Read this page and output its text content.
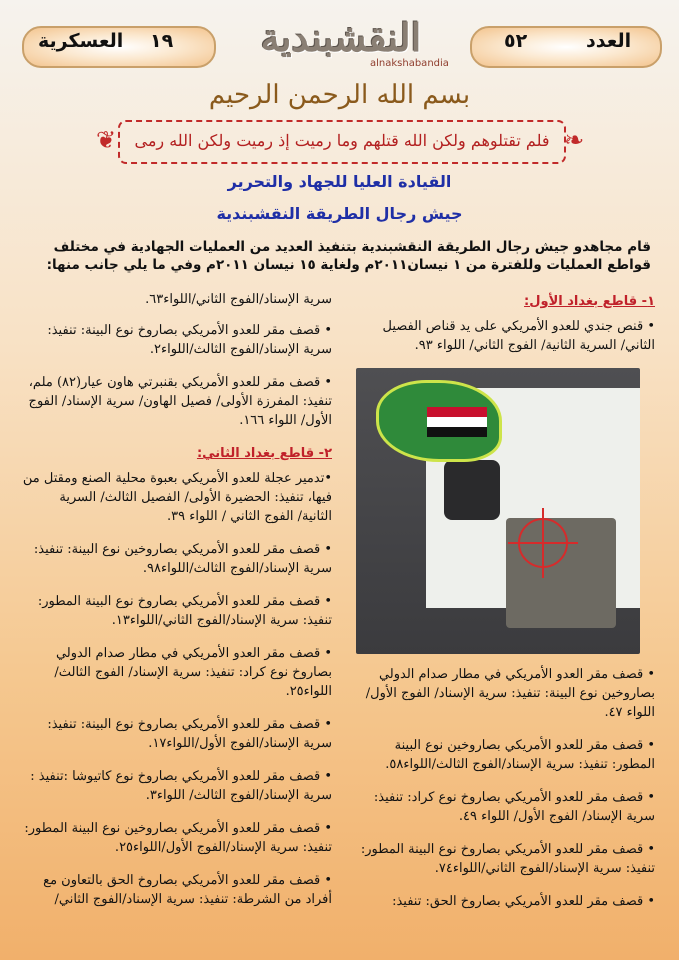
العسكرية ١٩	٥٢	العدد
النقشبندية
alnakshabandia
بسم الله الرحمن الرحيم
❦	فلم تقتلوهم ولكن الله قتلهم وما رميت إذ رميت ولكن الله رمى ❧
القيادة العليا للجهاد والتحرير
جيش رجال الطريقة النقشبندية
قام مجاهدو جيش رجال الطريقة النقشبندية بتنفيذ العديد من العمليات الجهادية في مختلف قواطع العمليات وللفترة من ١ نيسان٢٠١١م ولغاية ١٥ نيسان ٢٠١١م وفي ما يلي جانب منها:
١- قاطع بغداد الأول:
• قنص جندي للعدو الأمريكي على يد قناص الفصيل الثاني/ السرية الثانية/ الفوج الثاني/ اللواء ٩٣.
• قصف مقر العدو الأمريكي في مطار صدام الدولي بصاروخين نوع البينة: تنفيذ: سرية الإسناد/ الفوج الأول/ اللواء ٤٧.
• قصف مقر للعدو الأمريكي بصاروخين نوع البينة المطور: تنفيذ: سرية الإسناد/الفوج الثالث/اللواء٥٨.
• قصف مقر للعدو الأمريكي بصاروخ نوع كراد: تنفيذ: سرية الإسناد/ الفوج الأول/ اللواء ٤٩.
• قصف مقر للعدو الأمريكي بصاروخ نوع البينة المطور: تنفيذ: سرية الإسناد/الفوج الثاني/اللواء٧٤.
• قصف مقر للعدو الأمريكي بصاروخ الحق: تنفيذ:
سرية الإسناد/الفوج الثاني/اللواء٦٣.
• قصف مقر للعدو الأمريكي بصاروخ نوع البينة: تنفيذ: سرية الإسناد/الفوج الثالث/اللواء٢.
• قصف مقر للعدو الأمريكي بقنبرتي هاون عيار(٨٢) ملم، تنفيذ: المفرزة الأولى/ فصيل الهاون/ سرية الإسناد/ الفوج الأول/ اللواء ١٦٦.
٢- قاطع بغداد الثاني:
•تدمير عجلة للعدو الأمريكي بعبوة محلية الصنع ومقتل من فيها، تنفيذ: الحضيرة الأولى/ الفصيل الثالث/ السرية الثانية/ الفوج الثاني / اللواء ٣٩.
• قصف مقر للعدو الأمريكي بصاروخين نوع البينة: تنفيذ: سرية الإسناد/الفوج الثالث/اللواء٩٨.
• قصف مقر للعدو الأمريكي بصاروخ نوع البينة المطور: تنفيذ: سرية الإسناد/الفوج الثاني/اللواء١٣.
• قصف مقر العدو الأمريكي في مطار صدام الدولي بصاروخ نوع كراد: تنفيذ: سرية الإسناد/ الفوج الثالث/ اللواء٢٥.
• قصف مقر للعدو الأمريكي بصاروخ نوع البينة: تنفيذ: سرية الإسناد/الفوج الأول/اللواء١٧.
• قصف مقر للعدو الأمريكي بصاروخ نوع كاتيوشا :تنفيذ : سرية الإسناد/الفوج الثالث/ اللواء٣.
• قصف مقر للعدو الأمريكي بصاروخين نوع البينة المطور: تنفيذ: سرية الإسناد/الفوج الأول/اللواء٢٥.
• قصف مقر للعدو الأمريكي بصاروخ الحق بالتعاون مع أفراد من الشرطة: تنفيذ: سرية الإسناد/الفوج الثاني/
